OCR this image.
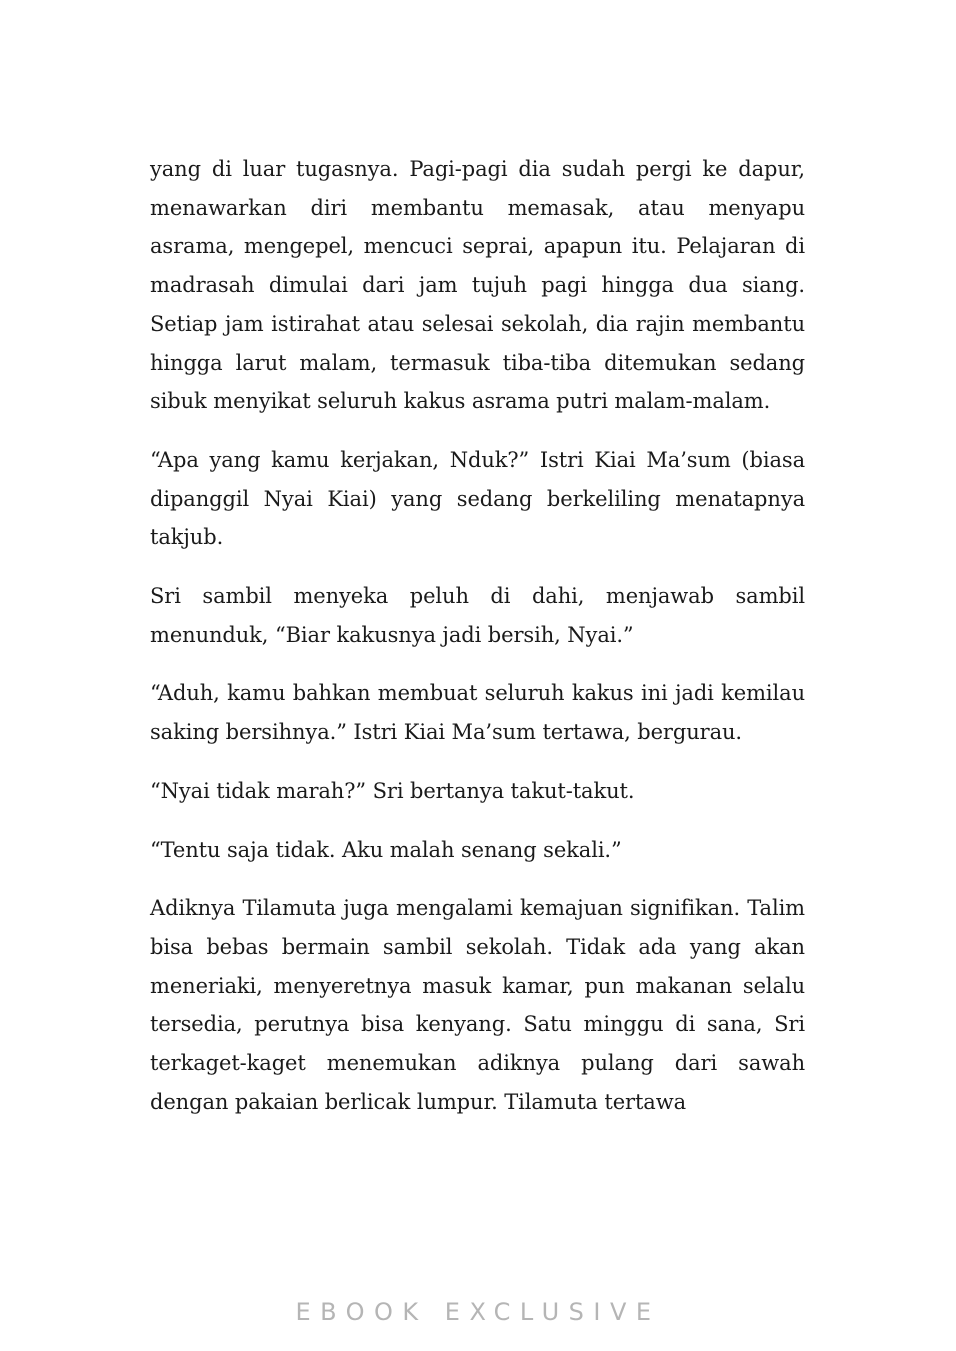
yang di luar tugasnya. Pagi-pagi dia sudah pergi ke dapur, menawarkan diri membantu memasak, atau menyapu asrama, mengepel, mencuci seprai, apapun itu. Pelajaran di madrasah dimulai dari jam tujuh pagi hingga dua siang. Setiap jam istirahat atau selesai sekolah, dia rajin membantu hingga larut malam, termasuk tiba-tiba ditemukan sedang sibuk menyikat seluruh kakus asrama putri malam-malam.

“Apa yang kamu kerjakan, Nduk?” Istri Kiai Ma’sum (biasa dipanggil Nyai Kiai) yang sedang berkeliling menatapnya takjub.

Sri sambil menyeka peluh di dahi, menjawab sambil menunduk, “Biar kakusnya jadi bersih, Nyai.”

“Aduh, kamu bahkan membuat seluruh kakus ini jadi kemilau saking bersihnya.” Istri Kiai Ma’sum tertawa, bergurau.

“Nyai tidak marah?” Sri bertanya takut-takut.

“Tentu saja tidak. Aku malah senang sekali.”

Adiknya Tilamuta juga mengalami kemajuan signifikan. Talim bisa bebas bermain sambil sekolah. Tidak ada yang akan meneriaki, menyeretnya masuk kamar, pun makanan selalu tersedia, perutnya bisa kenyang. Satu minggu di sana, Sri terkaget-kaget menemukan adiknya pulang dari sawah dengan pakaian berlicak lumpur. Tilamuta tertawa

EBOOK EXCLUSIVE
